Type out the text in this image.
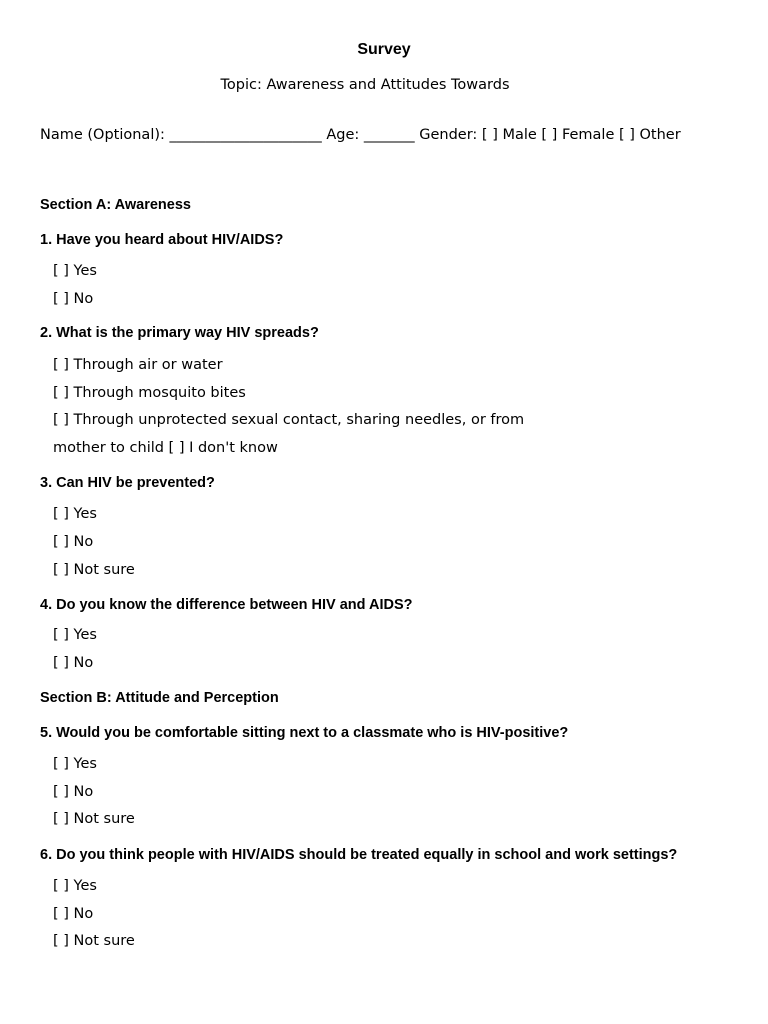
Survey
Topic: Awareness and Attitudes Towards
Name (Optional): _____________________ Age: _______ Gender: [ ] Male [ ] Female [ ] Other
Section A: Awareness
1. Have you heard about HIV/AIDS?
[ ] Yes
[ ] No
2. What is the primary way HIV spreads?
[ ] Through air or water
[ ] Through mosquito bites
[ ] Through unprotected sexual contact, sharing needles, or from
mother to child [ ] I don't know
3. Can HIV be prevented?
[ ] Yes
[ ] No
[ ] Not sure
4. Do you know the difference between HIV and AIDS?
[ ] Yes
[ ] No
Section B: Attitude and Perception
5. Would you be comfortable sitting next to a classmate who is HIV-positive?
[ ] Yes
[ ] No
[ ] Not sure
6. Do you think people with HIV/AIDS should be treated equally in school and work settings?
[ ] Yes
[ ] No
[ ] Not sure
